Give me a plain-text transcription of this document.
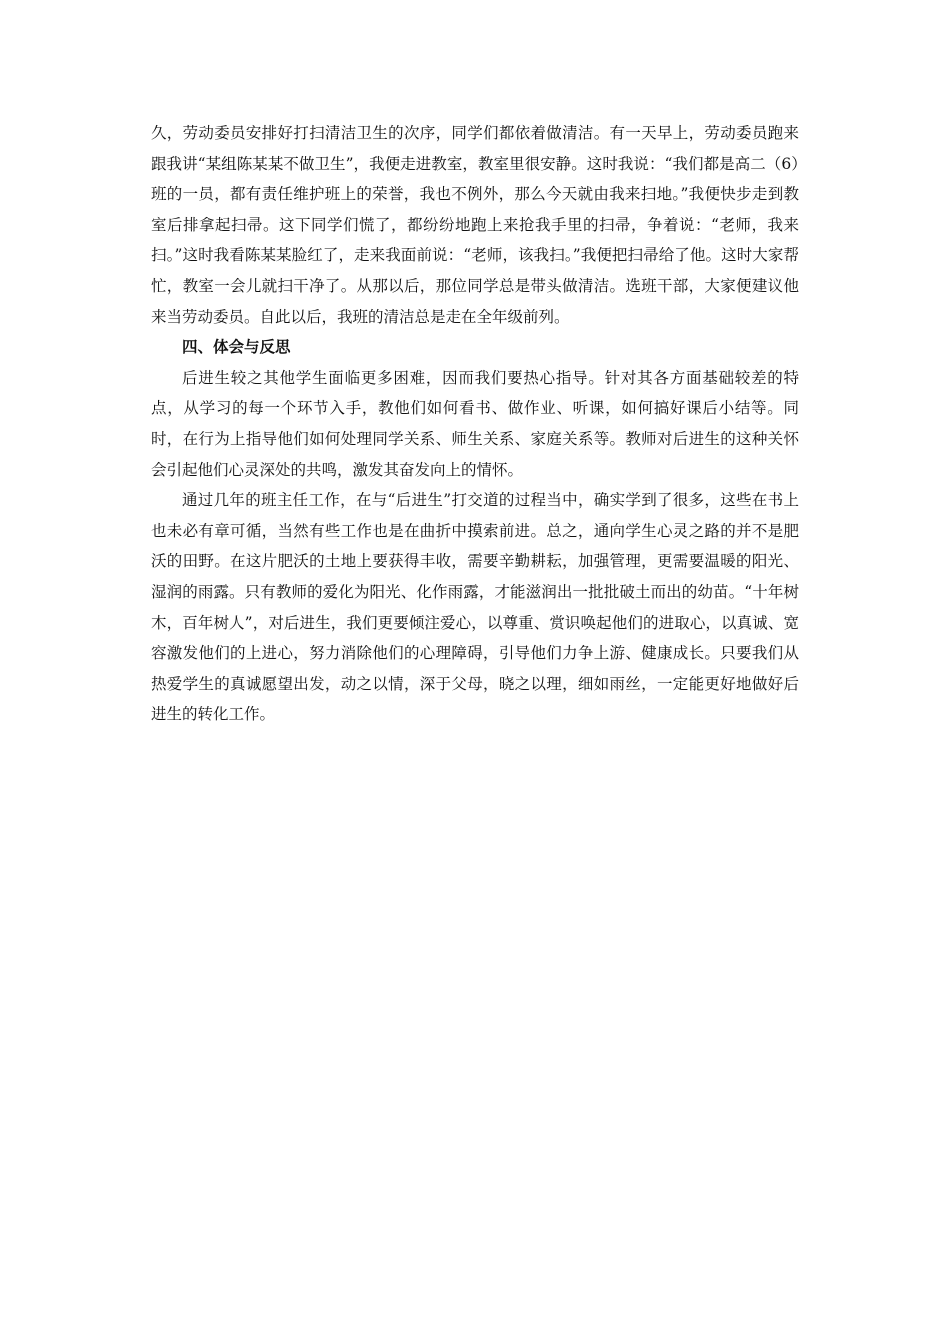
久，劳动委员安排好打扫清洁卫生的次序，同学们都依着做清洁。有一天早上，劳动委员跑来跟我讲“某组陈某某不做卫生”，我便走进教室，教室里很安静。这时我说：“我们都是高二（6）班的一员，都有责任维护班上的荣誉，我也不例外，那么今天就由我来扫地。”我便快步走到教室后排拿起扫帚。这下同学们慌了，都纷纷地跑上来抢我手里的扫帚，争着说：“老师，我来扫。”这时我看陈某某脸红了，走来我面前说：“老师，该我扫。”我便把扫帚给了他。这时大家帮忙，教室一会儿就扫干净了。从那以后，那位同学总是带头做清洁。选班干部，大家便建议他来当劳动委员。自此以后，我班的清洁总是走在全年级前列。

四、体会与反思

后进生较之其他学生面临更多困难，因而我们要热心指导。针对其各方面基础较差的特点，从学习的每一个环节入手，教他们如何看书、做作业、听课，如何搞好课后小结等。同时，在行为上指导他们如何处理同学关系、师生关系、家庭关系等。教师对后进生的这种关怀会引起他们心灵深处的共鸣，激发其奋发向上的情怀。

通过几年的班主任工作，在与“后进生”打交道的过程当中，确实学到了很多，这些在书上也未必有章可循，当然有些工作也是在曲折中摸索前进。总之，通向学生心灵之路的并不是肥沃的田野。在这片肥沃的土地上要获得丰收，需要辛勤耕耘，加强管理，更需要温暖的阳光、湿润的雨露。只有教师的爱化为阳光、化作雨露，才能滋润出一批批破土而出的幼苗。“十年树木，百年树人”，对后进生，我们更要倾注爱心，以尊重、赏识唤起他们的进取心，以真诚、宽容激发他们的上进心，努力消除他们的心理障碍，引导他们力争上游、健康成长。只要我们从热爱学生的真诚愿望出发，动之以情，深于父母，晓之以理，细如雨丝，一定能更好地做好后进生的转化工作。
